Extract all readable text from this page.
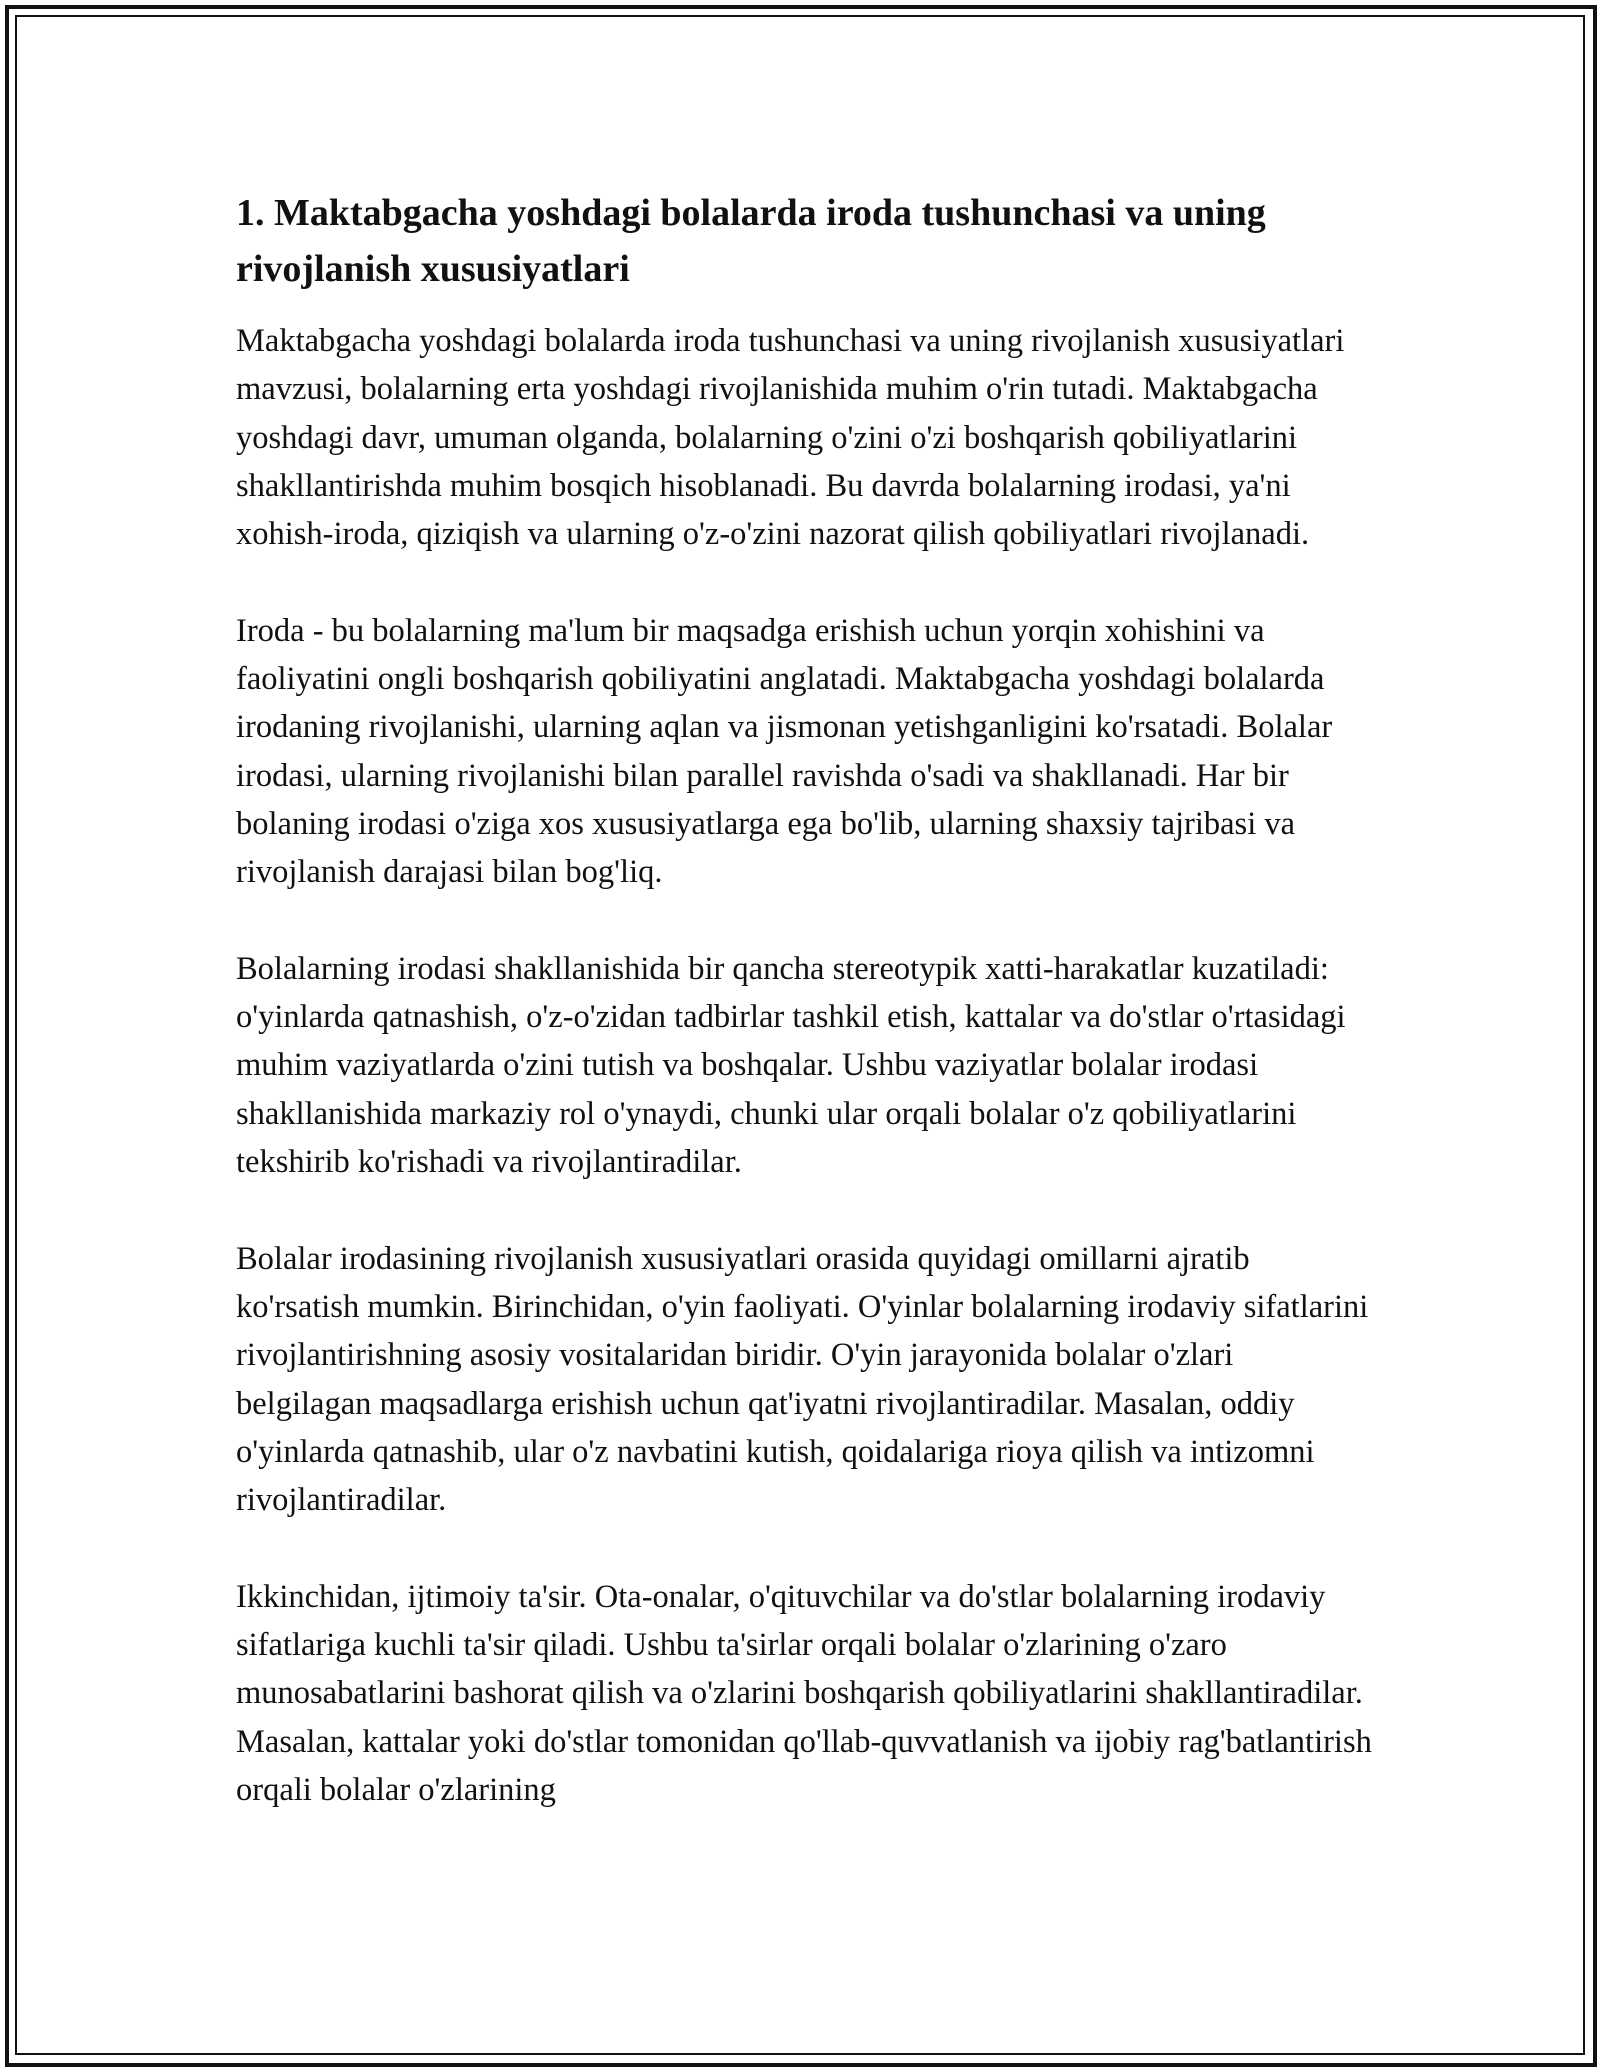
1. Maktabgacha yoshdagi bolalarda iroda tushunchasi va uning rivojlanish xususiyatlari

Maktabgacha yoshdagi bolalarda iroda tushunchasi va uning rivojlanish xususiyatlari mavzusi, bolalarning erta yoshdagi rivojlanishida muhim o'rin tutadi. Maktabgacha yoshdagi davr, umuman olganda, bolalarning o'zini o'zi boshqarish qobiliyatlarini shakllantirishda muhim bosqich hisoblanadi. Bu davrda bolalarning irodasi, ya'ni xohish-iroda, qiziqish va ularning o'z-o'zini nazorat qilish qobiliyatlari rivojlanadi.

Iroda - bu bolalarning ma'lum bir maqsadga erishish uchun yorqin xohishini va faoliyatini ongli boshqarish qobiliyatini anglatadi. Maktabgacha yoshdagi bolalarda irodaning rivojlanishi, ularning aqlan va jismonan yetishganligini ko'rsatadi. Bolalar irodasi, ularning rivojlanishi bilan parallel ravishda o'sadi va shakllanadi. Har bir bolaning irodasi o'ziga xos xususiyatlarga ega bo'lib, ularning shaxsiy tajribasi va rivojlanish darajasi bilan bog'liq.

Bolalarning irodasi shakllanishida bir qancha stereotypik xatti-harakatlar kuzatiladi: o'yinlarda qatnashish, o'z-o'zidan tadbirlar tashkil etish, kattalar va do'stlar o'rtasidagi muhim vaziyatlarda o'zini tutish va boshqalar. Ushbu vaziyatlar bolalar irodasi shakllanishida markaziy rol o'ynaydi, chunki ular orqali bolalar o'z qobiliyatlarini tekshirib ko'rishadi va rivojlantiradilar.

Bolalar irodasining rivojlanish xususiyatlari orasida quyidagi omillarni ajratib ko'rsatish mumkin. Birinchidan, o'yin faoliyati. O'yinlar bolalarning irodaviy sifatlarini rivojlantirishning asosiy vositalaridan biridir. O'yin jarayonida bolalar o'zlari belgilagan maqsadlarga erishish uchun qat'iyatni rivojlantiradilar. Masalan, oddiy o'yinlarda qatnashib, ular o'z navbatini kutish, qoidalariga rioya qilish va intizomni rivojlantiradilar.

Ikkinchidan, ijtimoiy ta'sir. Ota-onalar, o'qituvchilar va do'stlar bolalarning irodaviy sifatlariga kuchli ta'sir qiladi. Ushbu ta'sirlar orqali bolalar o'zlarining o'zaro munosabatlarini bashorat qilish va o'zlarini boshqarish qobiliyatlarini shakllantiradilar. Masalan, kattalar yoki do'stlar tomonidan qo'llab-quvvatlanish va ijobiy rag'batlantirish orqali bolalar o'zlarining
